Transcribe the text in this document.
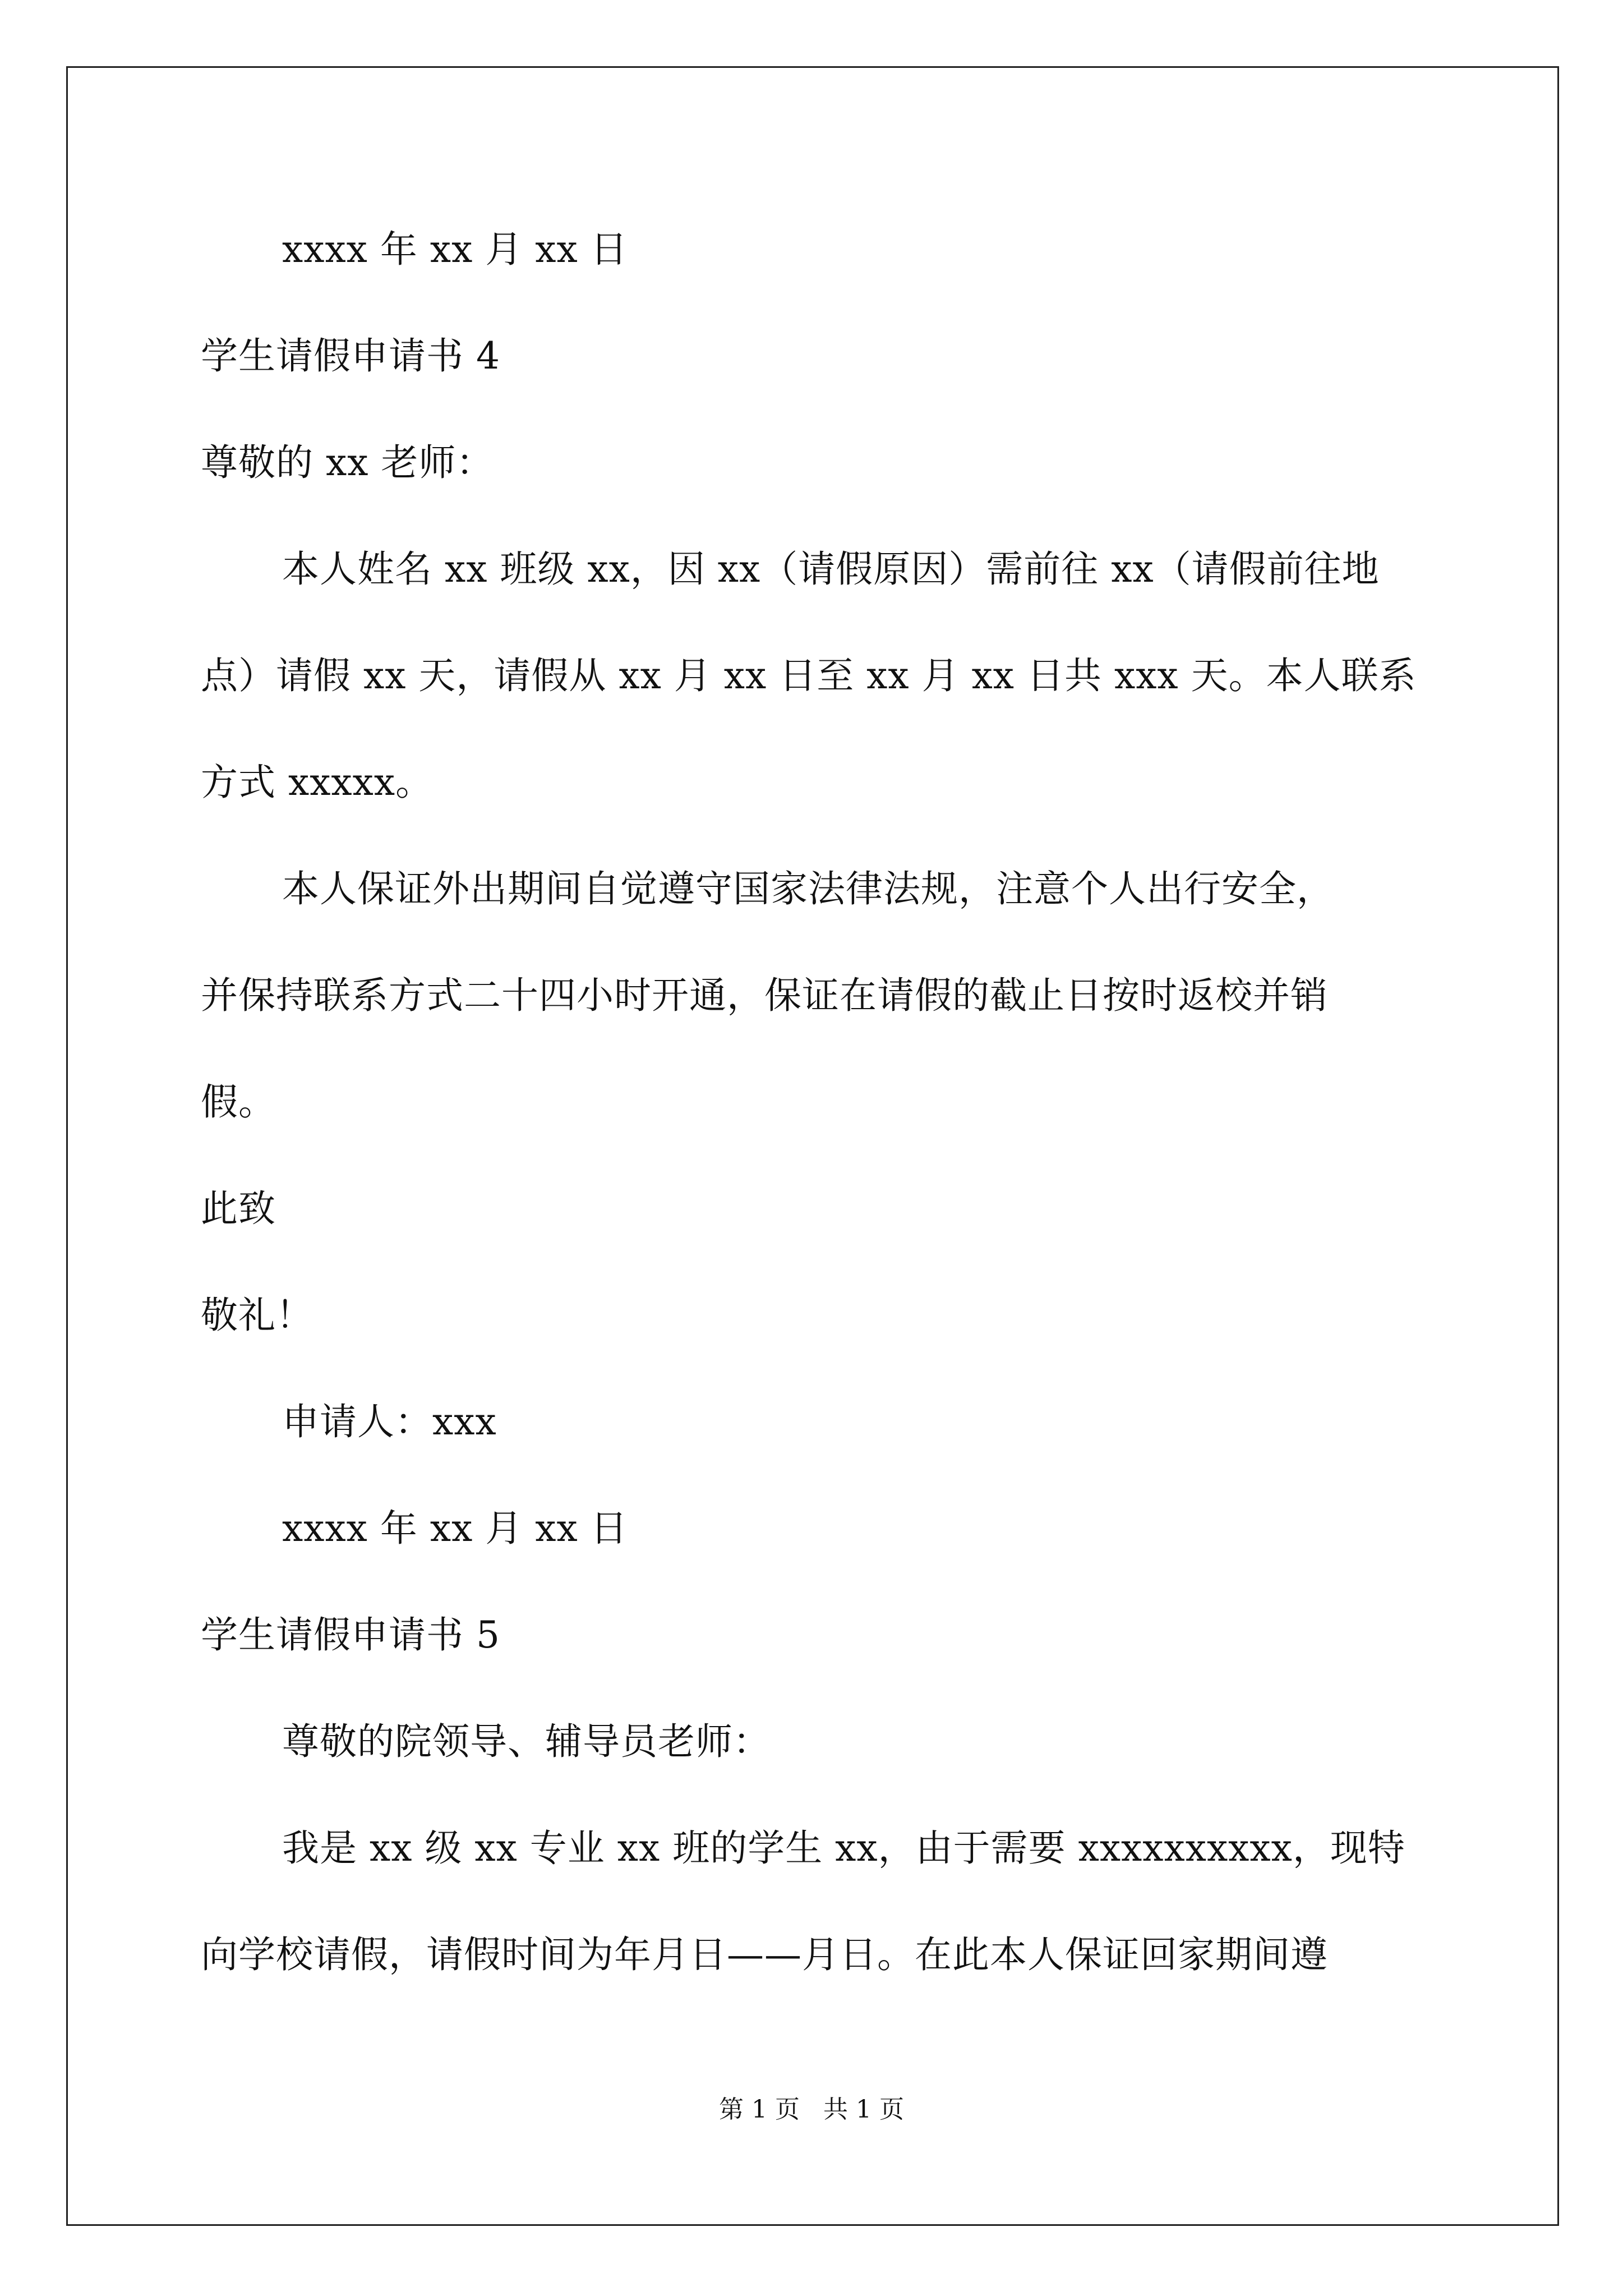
xxxx 年 xx 月 xx 日
学生请假申请书 4
尊敬的 xx 老师：
本人姓名 xx 班级 xx，因 xx（请假原因）需前往 xx（请假前往地
点）请假 xx 天，请假从 xx 月 xx 日至 xx 月 xx 日共 xxx 天。本人联系
方式 xxxxx。
本人保证外出期间自觉遵守国家法律法规，注意个人出行安全，
并保持联系方式二十四小时开通，保证在请假的截止日按时返校并销
假。
此致
敬礼！
申请人：xxx
xxxx 年 xx 月 xx 日
学生请假申请书 5
尊敬的院领导、辅导员老师：
我是 xx 级 xx 专业 xx 班的学生 xx，由于需要 xxxxxxxxxx，现特
向学校请假，请假时间为年月日——月日。在此本人保证回家期间遵
第 1 页   共 1 页
